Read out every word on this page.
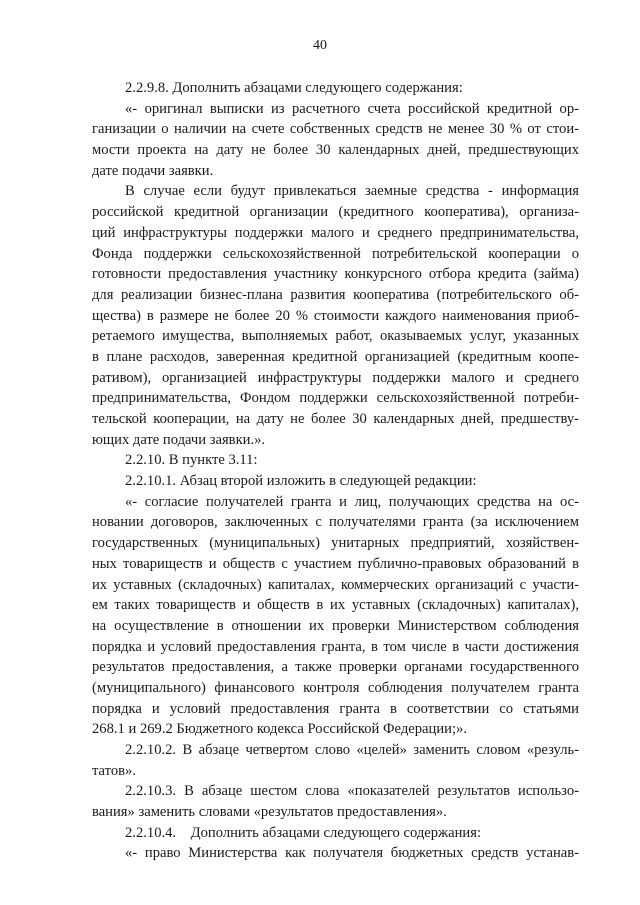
40
2.2.9.8. Дополнить абзацами следующего содержания:
«- оригинал выписки из расчетного счета российской кредитной ор-
ганизации о наличии на счете собственных средств не менее 30 % от стои-
мости проекта на дату не более 30 календарных дней, предшествующих
дате подачи заявки.
В случае если будут привлекаться заемные средства - информация
российской кредитной организации (кредитного кооператива), организа-
ций инфраструктуры поддержки малого и среднего предпринимательства,
Фонда поддержки сельскохозяйственной потребительской кооперации о
готовности предоставления участнику конкурсного отбора кредита (займа)
для реализации бизнес-плана развития кооператива (потребительского об-
щества) в размере не более 20 % стоимости каждого наименования приоб-
ретаемого имущества, выполняемых работ, оказываемых услуг, указанных
в плане расходов, заверенная кредитной организацией (кредитным коопе-
ративом), организацией инфраструктуры поддержки малого и среднего
предпринимательства, Фондом поддержки сельскохозяйственной потреби-
тельской кооперации, на дату не более 30 календарных дней, предшеству-
ющих дате подачи заявки.».
2.2.10. В пункте 3.11:
2.2.10.1. Абзац второй изложить в следующей редакции:
«- согласие получателей гранта и лиц, получающих средства на ос-
новании договоров, заключенных с получателями гранта (за исключением
государственных (муниципальных) унитарных предприятий, хозяйствен-
ных товариществ и обществ с участием публично-правовых образований в
их уставных (складочных) капиталах, коммерческих организаций с участи-
ем таких товариществ и обществ в их уставных (складочных) капиталах),
на осуществление в отношении их проверки Министерством соблюдения
порядка и условий предоставления гранта, в том числе в части достижения
результатов предоставления, а также проверки органами государственного
(муниципального) финансового контроля соблюдения получателем гранта
порядка и условий предоставления гранта в соответствии со статьями
268.1 и 269.2 Бюджетного кодекса Российской Федерации;».
2.2.10.2. В абзаце четвертом слово «целей» заменить словом «резуль-
татов».
2.2.10.3. В абзаце шестом слова «показателей результатов использо-
вания» заменить словами «результатов предоставления».
2.2.10.4.    Дополнить абзацами следующего содержания:
«- право Министерства как получателя бюджетных средств устанав-
